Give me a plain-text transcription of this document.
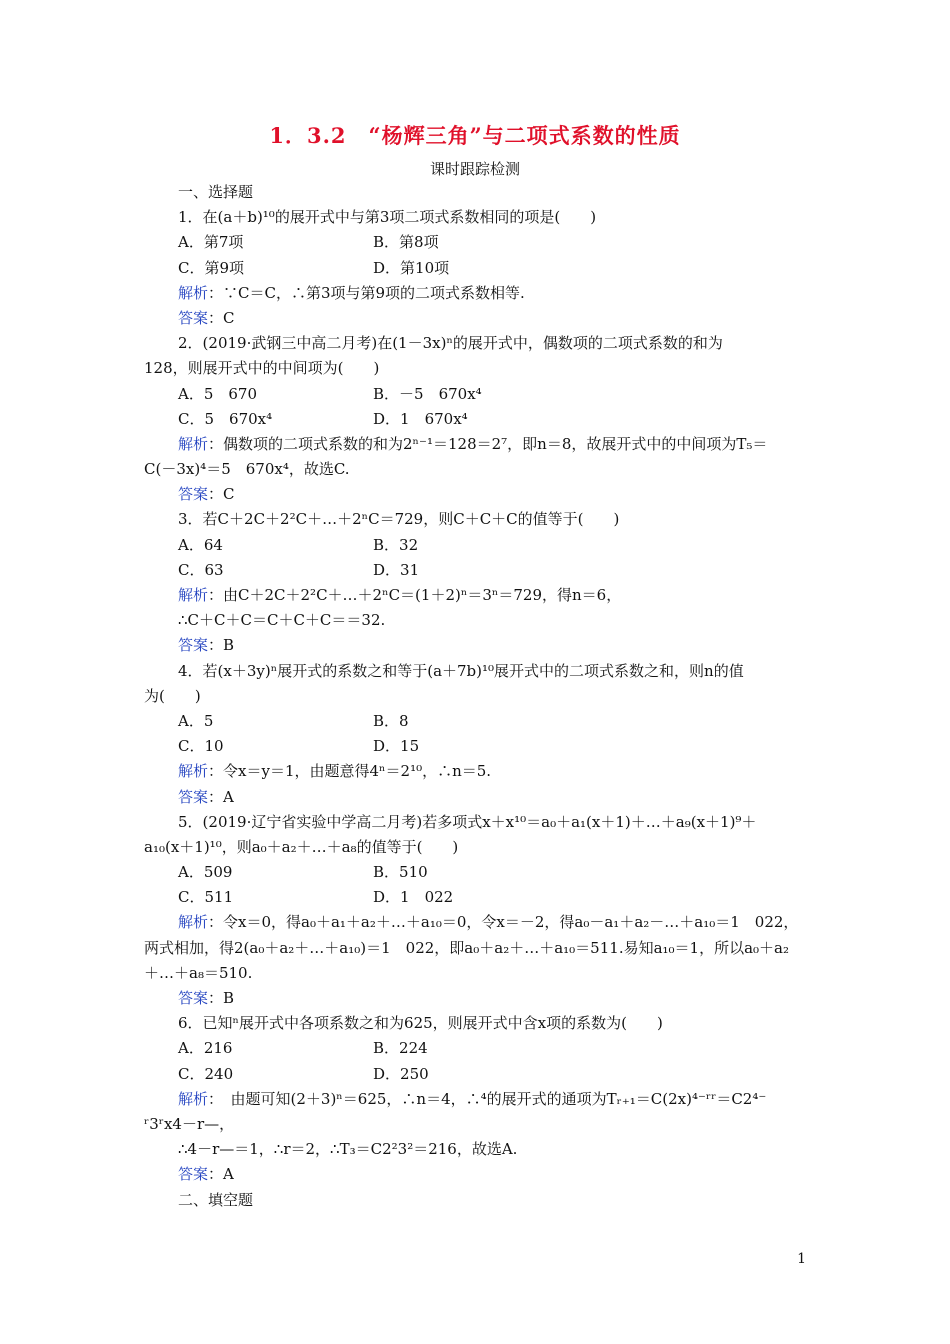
1．3.2　“杨辉三角”与二项式系数的性质
课时跟踪检测
一、选择题
1．在(a＋b)¹⁰的展开式中与第3项二项式系数相同的项是(　　)
A．第7项	B．第8项
C．第9项	D．第10项
解析：∵C＝C，∴第3项与第9项的二项式系数相等.
答案：C
2．(2019·武钢三中高二月考)在(1－3x)ⁿ的展开式中，偶数项的二项式系数的和为
128，则展开式中的中间项为(　　)
A．5　670	B．－5　670x⁴
C．5　670x⁴	D．1　670x⁴
解析：偶数项的二项式系数的和为2ⁿ⁻¹＝128＝2⁷，即n＝8，故展开式中的中间项为T₅＝
C(－3x)⁴＝5　670x⁴，故选C.
答案：C
3．若C＋2C＋2²C＋…＋2ⁿC＝729，则C＋C＋C的值等于(　　)
A．64	B．32
C．63	D．31
解析：由C＋2C＋2²C＋…＋2ⁿC＝(1＋2)ⁿ＝3ⁿ＝729，得n＝6，
∴C＋C＋C＝C＋C＋C＝＝32.
答案：B
4．若(x＋3y)ⁿ展开式的系数之和等于(a＋7b)¹⁰展开式中的二项式系数之和，则n的值
为(　　)
A．5	B．8
C．10	D．15
解析：令x＝y＝1，由题意得4ⁿ＝2¹⁰，∴n＝5.
答案：A
5．(2019·辽宁省实验中学高二月考)若多项式x＋x¹⁰＝a₀＋a₁(x＋1)＋…＋a₉(x＋1)⁹＋
a₁₀(x＋1)¹⁰，则a₀＋a₂＋…＋a₈的值等于(　　)
A．509	B．510
C．511	D．1　022
解析：令x＝0，得a₀＋a₁＋a₂＋…＋a₁₀＝0，令x＝－2，得a₀－a₁＋a₂－…＋a₁₀＝1　022，
两式相加，得2(a₀＋a₂＋…＋a₁₀)＝1　022，即a₀＋a₂＋…＋a₁₀＝511.易知a₁₀＝1，所以a₀＋a₂
＋…＋a₈＝510.
答案：B
6．已知ⁿ展开式中各项系数之和为625，则展开式中含x项的系数为(　　)
A．216	B．224
C．240	D．250
解析：　由题可知(2＋3)ⁿ＝625，∴n＝4，∴⁴的展开式的通项为Tᵣ₊₁＝C(2x)⁴⁻ʳʳ＝C2⁴⁻
ʳ3ʳx4－r—，
∴4－r—＝1，∴r＝2，∴T₃＝C2²3²＝216，故选A.
答案：A
二、填空题
1
